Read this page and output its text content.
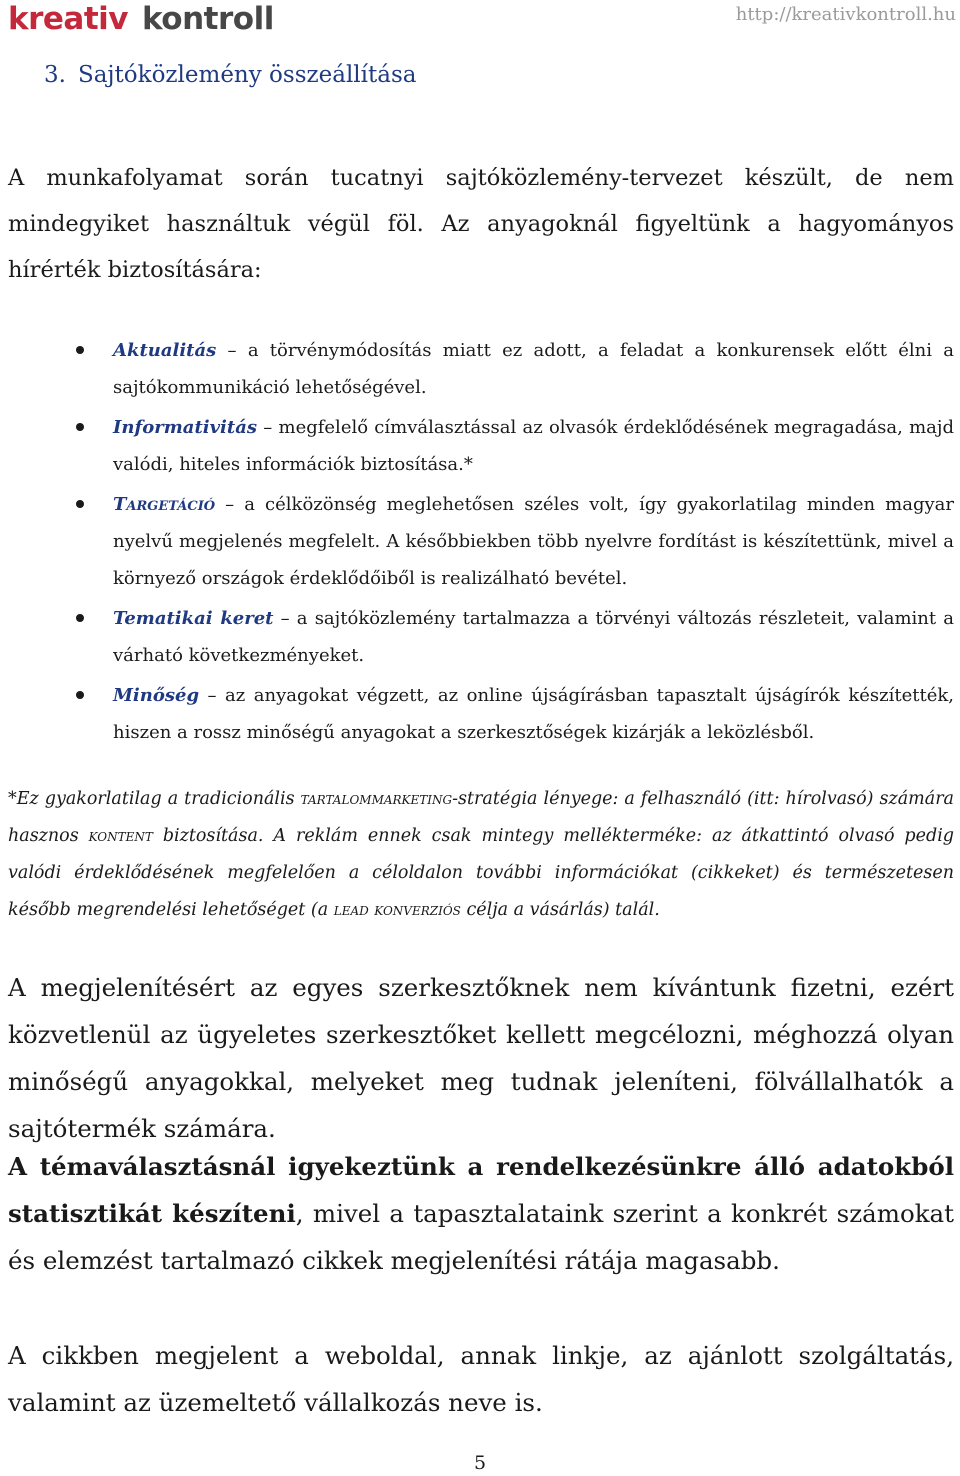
kreativ kontroll	http://kreativkontroll.hu
3. Sajtóközlemény összeállítása

A munkafolyamat során tucatnyi sajtóközlemény-tervezet készült, de nem mindegyiket használtuk végül föl. Az anyagoknál figyeltünk a hagyományos hírérték biztosítására:

Aktualitás – a törvénymódosítás miatt ez adott, a feladat a konkurensek előtt élni a sajtókommunikáció lehetőségével.
Informativitás – megfelelő címválasztással az olvasók érdeklődésének megragadása, majd valódi, hiteles információk biztosítása.*
Targetáció – a célközönség meglehetősen széles volt, így gyakorlatilag minden magyar nyelvű megjelenés megfelelt. A későbbiekben több nyelvre fordítást is készítettünk, mivel a környező országok érdeklődőiből is realizálható bevétel.
Tematikai keret – a sajtóközlemény tartalmazza a törvényi változás részleteit, valamint a várható következményeket.
Minőség – az anyagokat végzett, az online újságírásban tapasztalt újságírók készítették, hiszen a rossz minőségű anyagokat a szerkesztőségek kizárják a leközlésből.

*Ez gyakorlatilag a tradicionális tartalommarketing-stratégia lényege: a felhasználó (itt: hírolvasó) számára hasznos kontent biztosítása. A reklám ennek csak mintegy melléktermékе: az átkattintó olvasó pedig valódi érdeklődésének megfelelően a céloldalon további információkat (cikkeket) és természetesen később megrendelési lehetőséget (a lead konverziós célja a vásárlás) talál.

A megjelenítésért az egyes szerkesztőknek nem kívántunk fizetni, ezért közvetlenül az ügyeletes szerkesztőket kellett megcélozni, méghozzá olyan minőségű anyagokkal, melyeket meg tudnak jeleníteni, fölvállalhatók a sajtótermék számára.

A témaválasztásnál igyekeztünk a rendelkezésünkre álló adatokból statisztikát készíteni, mivel a tapasztalataink szerint a konkrét számokat és elemzést tartalmazó cikkek megjelenítési rátája magasabb.

A cikkben megjelent a weboldal, annak linkje, az ajánlott szolgáltatás, valamint az üzemeltető vállalkozás neve is.

5
